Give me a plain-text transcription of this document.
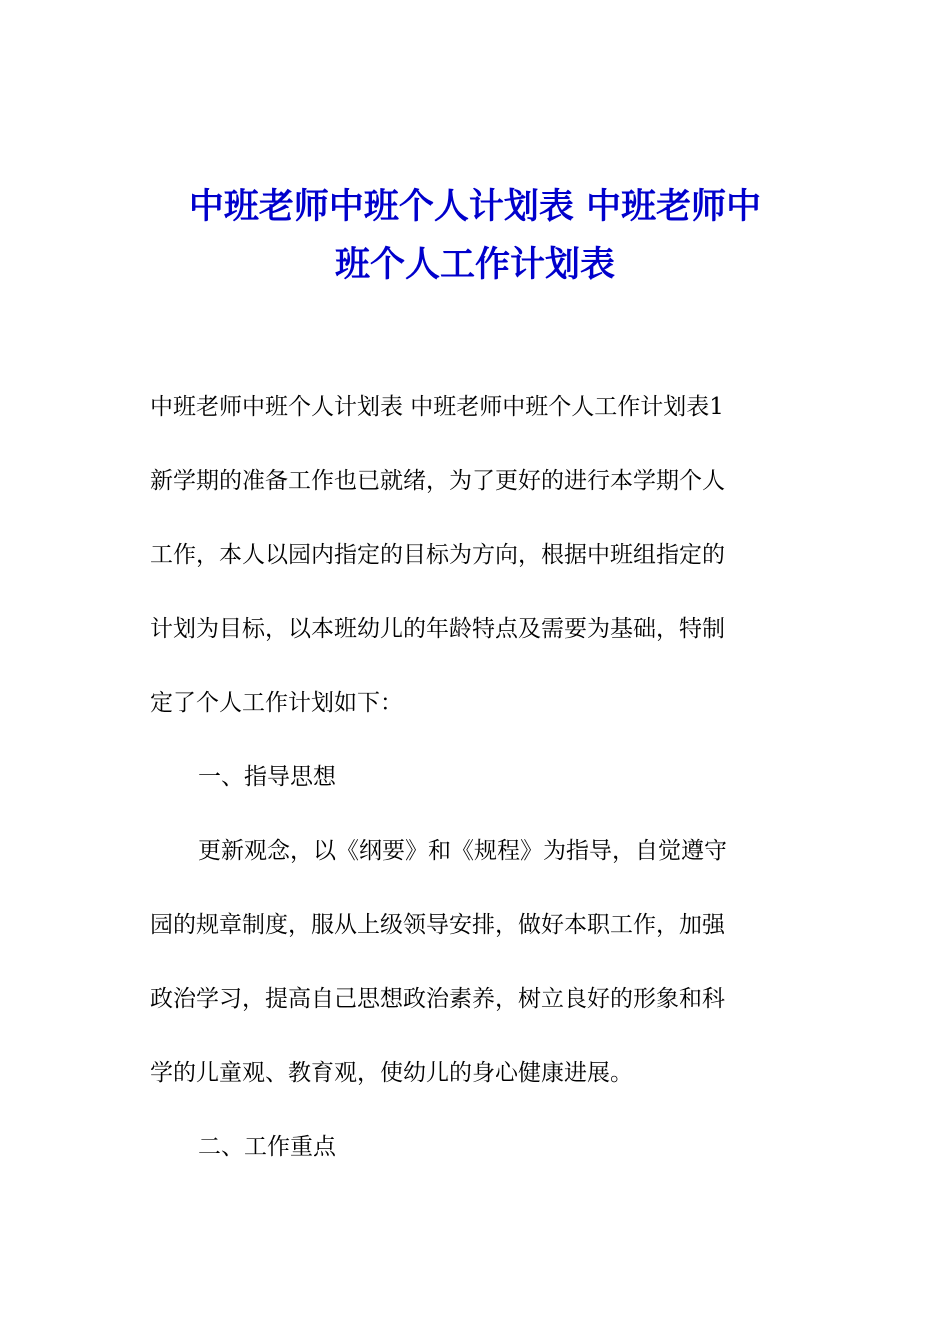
中班老师中班个人计划表 中班老师中
班个人工作计划表

中班老师中班个人计划表 中班老师中班个人工作计划表1

新学期的准备工作也已就绪，为了更好的进行本学期个人

工作，本人以园内指定的目标为方向，根据中班组指定的

计划为目标，以本班幼儿的年龄特点及需要为基础，特制

定了个人工作计划如下：

一、指导思想

更新观念，以《纲要》和《规程》为指导，自觉遵守

园的规章制度，服从上级领导安排，做好本职工作，加强

政治学习，提高自己思想政治素养，树立良好的形象和科

学的儿童观、教育观，使幼儿的身心健康进展。

二、工作重点
